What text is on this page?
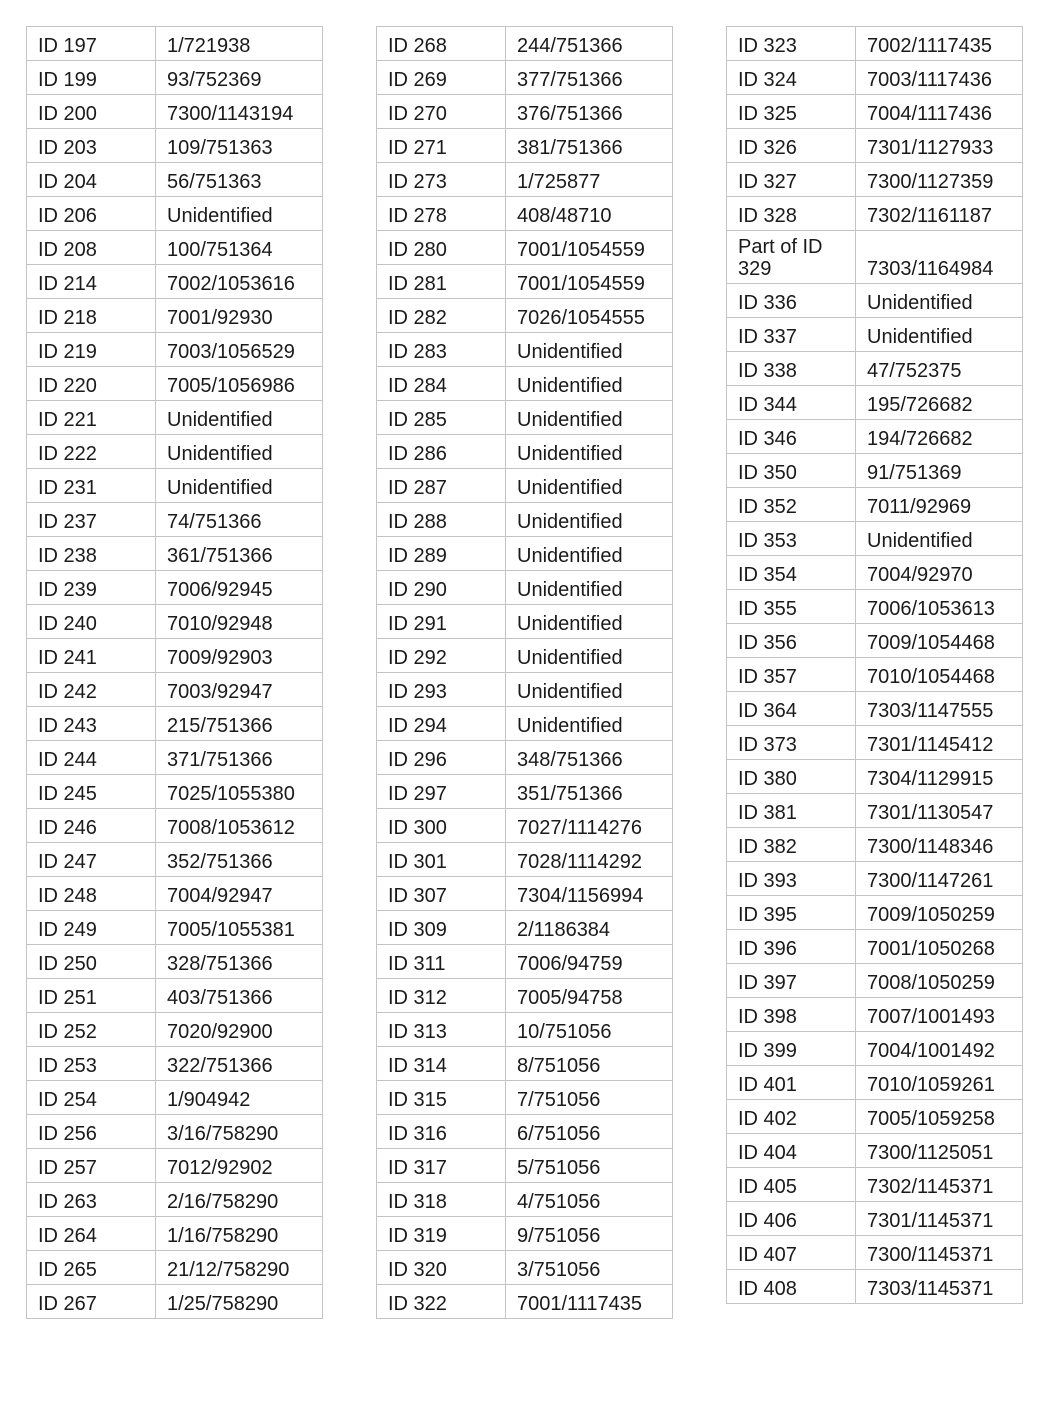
ID 197	1/721938
ID 199	93/752369
ID 200	7300/1143194
ID 203	109/751363
ID 204	56/751363
ID 206	Unidentified
ID 208	100/751364
ID 214	7002/1053616
ID 218	7001/92930
ID 219	7003/1056529
ID 220	7005/1056986
ID 221	Unidentified
ID 222	Unidentified
ID 231	Unidentified
ID 237	74/751366
ID 238	361/751366
ID 239	7006/92945
ID 240	7010/92948
ID 241	7009/92903
ID 242	7003/92947
ID 243	215/751366
ID 244	371/751366
ID 245	7025/1055380
ID 246	7008/1053612
ID 247	352/751366
ID 248	7004/92947
ID 249	7005/1055381
ID 250	328/751366
ID 251	403/751366
ID 252	7020/92900
ID 253	322/751366
ID 254	1/904942
ID 256	3/16/758290
ID 257	7012/92902
ID 263	2/16/758290
ID 264	1/16/758290
ID 265	21/12/758290
ID 267	1/25/758290
ID 268	244/751366
ID 269	377/751366
ID 270	376/751366
ID 271	381/751366
ID 273	1/725877
ID 278	408/48710
ID 280	7001/1054559
ID 281	7001/1054559
ID 282	7026/1054555
ID 283	Unidentified
ID 284	Unidentified
ID 285	Unidentified
ID 286	Unidentified
ID 287	Unidentified
ID 288	Unidentified
ID 289	Unidentified
ID 290	Unidentified
ID 291	Unidentified
ID 292	Unidentified
ID 293	Unidentified
ID 294	Unidentified
ID 296	348/751366
ID 297	351/751366
ID 300	7027/1114276
ID 301	7028/1114292
ID 307	7304/1156994
ID 309	2/1186384
ID 311	7006/94759
ID 312	7005/94758
ID 313	10/751056
ID 314	8/751056
ID 315	7/751056
ID 316	6/751056
ID 317	5/751056
ID 318	4/751056
ID 319	9/751056
ID 320	3/751056
ID 322	7001/1117435
ID 323	7002/1117435
ID 324	7003/1117436
ID 325	7004/1117436
ID 326	7301/1127933
ID 327	7300/1127359
ID 328	7302/1161187
Part of ID 329	7303/1164984
ID 336	Unidentified
ID 337	Unidentified
ID 338	47/752375
ID 344	195/726682
ID 346	194/726682
ID 350	91/751369
ID 352	7011/92969
ID 353	Unidentified
ID 354	7004/92970
ID 355	7006/1053613
ID 356	7009/1054468
ID 357	7010/1054468
ID 364	7303/1147555
ID 373	7301/1145412
ID 380	7304/1129915
ID 381	7301/1130547
ID 382	7300/1148346
ID 393	7300/1147261
ID 395	7009/1050259
ID 396	7001/1050268
ID 397	7008/1050259
ID 398	7007/1001493
ID 399	7004/1001492
ID 401	7010/1059261
ID 402	7005/1059258
ID 404	7300/1125051
ID 405	7302/1145371
ID 406	7301/1145371
ID 407	7300/1145371
ID 408	7303/1145371
